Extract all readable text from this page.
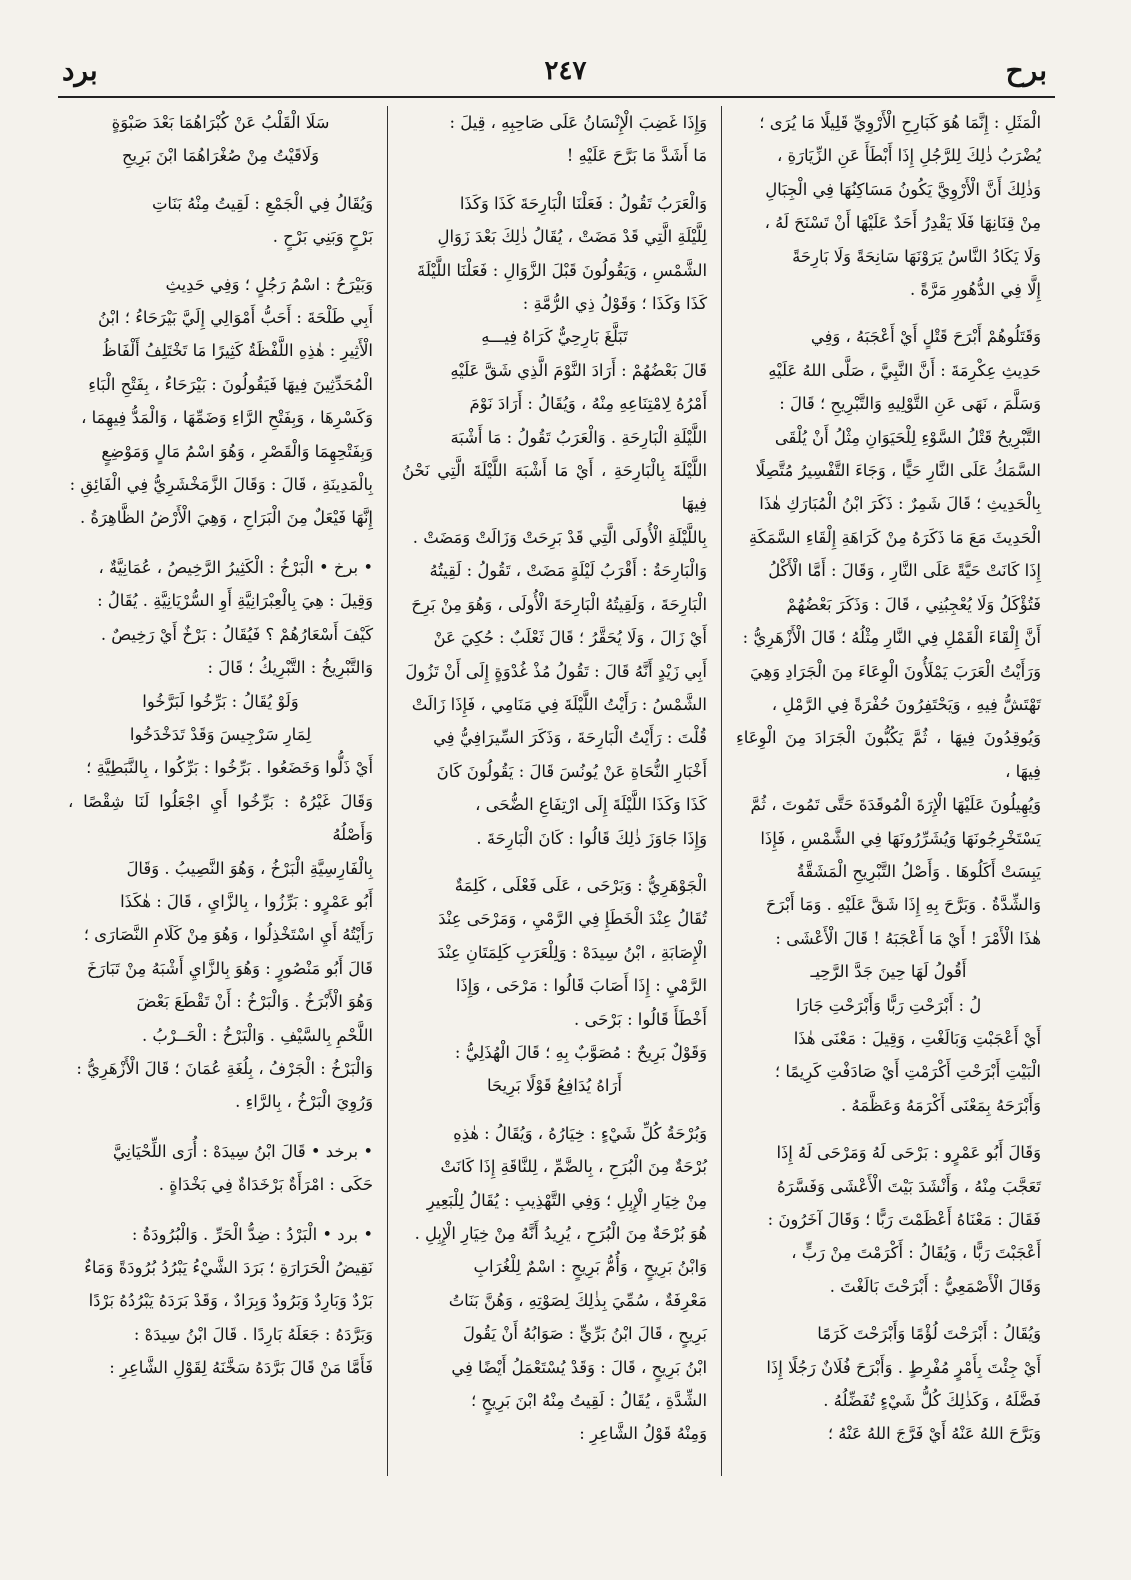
برد	٢٤٧	برح

الْمَثَلِ : إِنَّمَا هُوَ كَبَارِحِ الْأَرْوِيِّ قَلِيلًا مَا يُرَى ؛

يُضْرَبُ ذٰلِكَ لِلرَّجُلِ إِذَا أَبْطَأَ عَنِ الزِّيَارَةِ ،

وَذٰلِكَ أَنَّ الْأَرْوِيَّ يَكُونُ مَسَاكِنُهَا فِي الْجِبَالِ

مِنْ قِنَانِهَا فَلَا يَقْدِرُ أَحَدٌ عَلَيْهَا أَنْ تَسْنَحَ لَهُ ،

وَلَا يَكَادُ النَّاسُ يَرَوْنَهَا سَانِحَةً وَلَا بَارِحَةً

إِلَّا فِي الدُّهُورِ مَرَّةً .

وَقَتَلُوهُمْ أَبْرَحَ قَتْلٍ أَيْ أَعْجَبَهُ ، وَفِي

حَدِيثِ عِكْرِمَةَ : أَنَّ النَّبِيَّ ، صَلَّى اللهُ عَلَيْهِ

وَسَلَّمَ ، نَهَى عَنِ التَّوْلِيهِ وَالتَّبْرِيحِ ؛ قَالَ :

التَّبْرِيحُ قَتْلُ السَّوْءِ لِلْحَيَوَانِ مِثْلُ أَنْ يُلْقَى

السَّمَكُ عَلَى النَّارِ حَيًّا ، وَجَاءَ التَّفْسِيرُ مُتَّصِلًا

بِالْحَدِيثِ ؛ قَالَ شَمِرٌ : ذَكَرَ ابْنُ الْمُبَارَكِ هٰذَا

الْحَدِيثَ مَعَ مَا ذَكَرَهُ مِنْ كَرَاهَةِ إِلْقَاءِ السَّمَكَةِ

إِذَا كَانَتْ حَيَّةً عَلَى النَّارِ ، وَقَالَ : أَمَّا الْأَكْلُ

فَتُؤْكَلُ وَلَا يُعْجِبُنِي ، قَالَ : وَذَكَرَ بَعْضُهُمْ

أَنَّ إِلْقَاءَ الْقَمْلِ فِي النَّارِ مِثْلُهُ ؛ قَالَ الْأَزْهَرِيُّ :

وَرَأَيْتُ الْعَرَبَ يَمْلَأُونَ الْوِعَاءَ مِنَ الْجَرَادِ وَهِيَ

تَهْتَشُّ فِيهِ ، وَيَحْتَفِرُونَ حُفْرَةً فِي الرَّمْلِ ،

وَيُوقِدُونَ فِيهَا ، ثُمَّ يَكُبُّونَ الْجَرَادَ مِنَ الْوِعَاءِ فِيهَا ،

وَيُهِيلُونَ عَلَيْهَا الْإِرَةَ الْمُوقَدَةَ حَتَّى تَمُوتَ ، ثُمَّ

يَسْتَخْرِجُونَهَا وَيُشَرِّرُونَهَا فِي الشَّمْسِ ، فَإِذَا

يَبِسَتْ أَكَلُوهَا . وَأَصْلُ التَّبْرِيحِ الْمَشَقَّةُ

وَالشِّدَّةُ . وَبَرَّحَ بِهِ إِذَا شَقَّ عَلَيْهِ . وَمَا أَبْرَحَ

هٰذَا الْأَمْرَ ! أَيْ مَا أَعْجَبَهُ ! قَالَ الْأَعْشَى :

أَقُولُ لَهَا حِينَ جَدَّ الرَّحِيـ

لُ : أَبْرَحْتِ رَبًّا وَأَبْرَحْتِ جَارَا

أَيْ أَعْجَبْتِ وَبَالَغْتِ ، وَقِيلَ : مَعْنَى هٰذَا

الْبَيْتِ أَبْرَحْتِ أَكْرَمْتِ أَيْ صَادَفْتِ كَرِيمًا ؛

وَأَبْرَحَهُ بِمَعْنَى أَكْرَمَهُ وَعَظَّمَهُ .

وَقَالَ أَبُو عَمْرٍو : بَرْحَى لَهُ وَمَرْحَى لَهُ إِذَا

تَعَجَّبَ مِنْهُ ، وَأَنْشَدَ بَيْتَ الْأَعْشَى وَفَسَّرَهُ

فَقَالَ : مَعْنَاهُ أَعْظَمْتَ رَبًّا ؛ وَقَالَ آخَرُونَ :

أَعْجَبْتَ رَبًّا ، وَيُقَالُ : أَكْرَمْتَ مِنْ رَبٍّ ،

وَقَالَ الْأَصْمَعِيُّ : أَبْرَحْتَ بَالَغْتَ .

وَيُقَالُ : أَبْرَحْتَ لُؤْمًا وَأَبْرَحْتَ كَرَمًا

أَيْ جِئْتَ بِأَمْرٍ مُفْرِطٍ . وَأَبْرَحَ فُلَانٌ رَجُلًا إِذَا

فَضَّلَهُ ، وَكَذٰلِكَ كُلُّ شَيْءٍ تُفَضِّلُهُ .

وَبَرَّحَ اللهُ عَنْهُ أَيْ فَرَّجَ اللهُ عَنْهُ ؛

وَإِذَا غَضِبَ الْإِنْسَانُ عَلَى صَاحِبِهِ ، قِيلَ :

مَا أَشَدَّ مَا بَرَّحَ عَلَيْهِ !

وَالْعَرَبُ تَقُولُ : فَعَلْنَا الْبَارِحَةَ كَذَا وَكَذَا

لِلَّيْلَةِ الَّتِي قَدْ مَضَتْ ، يُقَالُ ذٰلِكَ بَعْدَ زَوَالِ

الشَّمْسِ ، وَيَقُولُونَ قَبْلَ الزَّوَالِ : فَعَلْنَا اللَّيْلَةَ

كَذَا وَكَذَا ؛ وَقَوْلُ ذِي الرُّمَّةِ :

تَبَلَّغَ بَارِحِيٌّ كَرَاهُ فِيـــهِ

قَالَ بَعْضُهُمْ : أَرَادَ النَّوْمَ الَّذِي شَقَّ عَلَيْهِ

أَمْرُهُ لِامْتِنَاعِهِ مِنْهُ ، وَيُقَالُ : أَرَادَ نَوْمَ

اللَّيْلَةِ الْبَارِحَةِ . وَالْعَرَبُ تَقُولُ : مَا أَشْبَهَ

اللَّيْلَةَ بِالْبَارِحَةِ ، أَيْ مَا أَشْبَهَ اللَّيْلَةَ الَّتِي نَحْنُ فِيهَا

بِاللَّيْلَةِ الْأُولَى الَّتِي قَدْ بَرِحَتْ وَزَالَتْ وَمَضَتْ .

وَالْبَارِحَةُ : أَقْرَبُ لَيْلَةٍ مَضَتْ ، تَقُولُ : لَقِيتُهُ

الْبَارِحَةَ ، وَلَقِيتُهُ الْبَارِحَةَ الْأُولَى ، وَهُوَ مِنْ بَرِحَ

أَيْ زَالَ ، وَلَا يُحَقَّرُ ؛ قَالَ ثَعْلَبٌ : حُكِيَ عَنْ

أَبِي زَيْدٍ أَنَّهُ قَالَ : تَقُولُ مُذْ غُدْوَةٍ إِلَى أَنْ تَزُولَ

الشَّمْسُ : رَأَيْتُ اللَّيْلَةَ فِي مَنَامِي ، فَإِذَا زَالَتْ

قُلْتَ : رَأَيْتُ الْبَارِحَةَ ، وَذَكَرَ السِّيرَافِيُّ فِي

أَخْبَارِ النُّحَاةِ عَنْ يُونُسَ قَالَ : يَقُولُونَ كَانَ

كَذَا وَكَذَا اللَّيْلَةَ إِلَى ارْتِفَاعِ الضُّحَى ،

وَإِذَا جَاوَزَ ذٰلِكَ قَالُوا : كَانَ الْبَارِحَةَ .

الْجَوْهَرِيُّ : وَبَرْحَى ، عَلَى فَعْلَى ، كَلِمَةٌ

تُقَالُ عِنْدَ الْخَطَإِ فِي الرَّمْيِ ، وَمَرْحَى عِنْدَ

الْإِصَابَةِ ، ابْنُ سِيدَهْ : وَلِلْعَرَبِ كَلِمَتَانِ عِنْدَ

الرَّمْيِ : إِذَا أَصَابَ قَالُوا : مَرْحَى ، وَإِذَا

أَخْطَأَ قَالُوا : بَرْحَى .

وَقَوْلٌ بَرِيحٌ : مُصَوَّبٌ بِهِ ؛ قَالَ الْهُذَلِيُّ :

أَرَاهُ يُدَافِعُ قَوْلًا بَرِيحَا

وَبُرْحَةُ كُلِّ شَيْءٍ : خِيَارُهُ ، وَيُقَالُ : هٰذِهِ

بُرْحَةٌ مِنَ الْبُرَحِ ، بِالضَّمِّ ، لِلنَّاقَةِ إِذَا كَانَتْ

مِنْ خِيَارِ الْإِبِلِ ؛ وَفِي التَّهْذِيبِ : يُقَالُ لِلْبَعِيرِ

هُوَ بُرْحَةٌ مِنَ الْبُرَحِ ، يُرِيدُ أَنَّهُ مِنْ خِيَارِ الْإِبِلِ .

وَابْنُ بَرِيحٍ ، وَأُمُّ بَرِيحٍ : اسْمٌ لِلْغُرَابِ

مَعْرِفَةٌ ، سُمِّيَ بِذٰلِكَ لِصَوْتِهِ ، وَهُنَّ بَنَاتُ

بَرِيحٍ ، قَالَ ابْنُ بَرِّيٍّ : صَوَابُهُ أَنْ يَقُولَ

ابْنُ بَرِيحٍ ، قَالَ : وَقَدْ يُسْتَعْمَلُ أَيْضًا فِي

الشِّدَّةِ ، يُقَالُ : لَقِيتُ مِنْهُ ابْنَ بَرِيحٍ ؛

وَمِنْهُ قَوْلُ الشَّاعِرِ :

سَلَا الْقَلْبُ عَنْ كُبْرَاهُمَا بَعْدَ صَبْوَةٍ

وَلَاقَيْتُ مِنْ صُغْرَاهُمَا ابْنَ بَرِيحِ

وَيُقَالُ فِي الْجَمْعِ : لَقِيتُ مِنْهُ بَنَاتِ

بَرْحٍ وَبَنِي بَرْحٍ .

وَبَيْرَحُ : اسْمُ رَجُلٍ ؛ وَفِي حَدِيثِ

أَبِي طَلْحَةَ : أَحَبُّ أَمْوَالِي إِلَيَّ بَيْرَحَاءُ ؛ ابْنُ

الْأَثِيرِ : هٰذِهِ اللَّفْظَةُ كَثِيرًا مَا تَخْتَلِفُ أَلْفَاظُ

الْمُحَدِّثِينَ فِيهَا فَيَقُولُونَ : بَيْرَحَاءُ ، بِفَتْحِ الْبَاءِ

وَكَسْرِهَا ، وَبِفَتْحِ الرَّاءِ وَضَمِّهَا ، وَالْمَدُّ فِيهِمَا ،

وَبِفَتْحِهِمَا وَالْقَصْرِ ، وَهُوَ اسْمُ مَالٍ وَمَوْضِعٍ

بِالْمَدِينَةِ ، قَالَ : وَقَالَ الزَّمَخْشَرِيُّ فِي الْفَائِقِ :

إِنَّهَا فَيْعَلٌ مِنَ الْبَرَاحِ ، وَهِيَ الْأَرْضُ الظَّاهِرَةُ .

• برخ • الْبَرْخُ : الْكَثِيرُ الرَّخِيصُ ، عُمَانِيَّةٌ ،

وَقِيلَ : هِيَ بِالْعِبْرَانِيَّةِ أَوِ السُّرْيَانِيَّةِ . يُقَالُ :

كَيْفَ أَسْعَارُهُمْ ؟ فَيُقَالُ : بَرْخٌ أَيْ رَخِيصٌ .

وَالتَّبْرِيخُ : التَّبْرِيكُ ؛ قَالَ :

وَلَوْ يُقَالُ : بَرِّخُوا لَبَرَّخُوا

لِمَارِ سَرْجِيسَ وَقَدْ تَدَخْدَخُوا

أَيْ ذَلُّوا وَخَضَعُوا . بَرِّخُوا : بَرِّكُوا ، بِالنَّبَطِيَّةِ ؛

وَقَالَ غَيْرُهُ : بَرِّخُوا أَيِ اجْعَلُوا لَنَا شِقْصًا ، وَأَصْلُهُ

بِالْفَارِسِيَّةِ الْبَرْخُ ، وَهُوَ النَّصِيبُ . وَقَالَ

أَبُو عَمْرٍو : بَرِّزُوا ، بِالزَّايِ ، قَالَ : هٰكَذَا

رَأَيْتُهُ أَيِ اسْتَخْذِلُوا ، وَهُوَ مِنْ كَلَامِ النَّصَارَى ؛

قَالَ أَبُو مَنْصُورٍ : وَهُوَ بِالزَّايِ أَشْبَهُ مِنْ تَبَارَخَ

وَهُوَ الْأَبْرَخُ . وَالْبَرْخُ : أَنْ تَقْطَعَ بَعْضَ

اللَّحْمِ بِالسَّيْفِ . وَالْبَرْخُ : الْحَــرْبُ .

وَالْبَرْخُ : الْجَرْفُ ، بِلُغَةِ عُمَانَ ؛ قَالَ الْأَزْهَرِيُّ :

وَرُوِيَ الْبَرْخُ ، بِالرَّاءِ .

• برخد • قَالَ ابْنُ سِيدَهْ : أُرَى اللِّحْيَانِيَّ

حَكَى : امْرَأَةٌ بَرْخَدَاةٌ فِي بَخْدَاةٍ .

• برد • الْبَرْدُ : ضِدُّ الْحَرِّ . وَالْبُرُودَةُ :

نَقِيضُ الْحَرَارَةِ ؛ بَرَدَ الشَّيْءُ يَبْرُدُ بُرُودَةً وَمَاءٌ

بَرْدٌ وَبَارِدٌ وَبَرُودٌ وَبِرَادٌ ، وَقَدْ بَرَدَهُ يَبْرُدُهُ بَرْدًا

وَبَرَّدَهُ : جَعَلَهُ بَارِدًا . قَالَ ابْنُ سِيدَهْ :

فَأَمَّا مَنْ قَالَ بَرَّدَهُ سَخَّنَهُ لِقَوْلِ الشَّاعِرِ :
